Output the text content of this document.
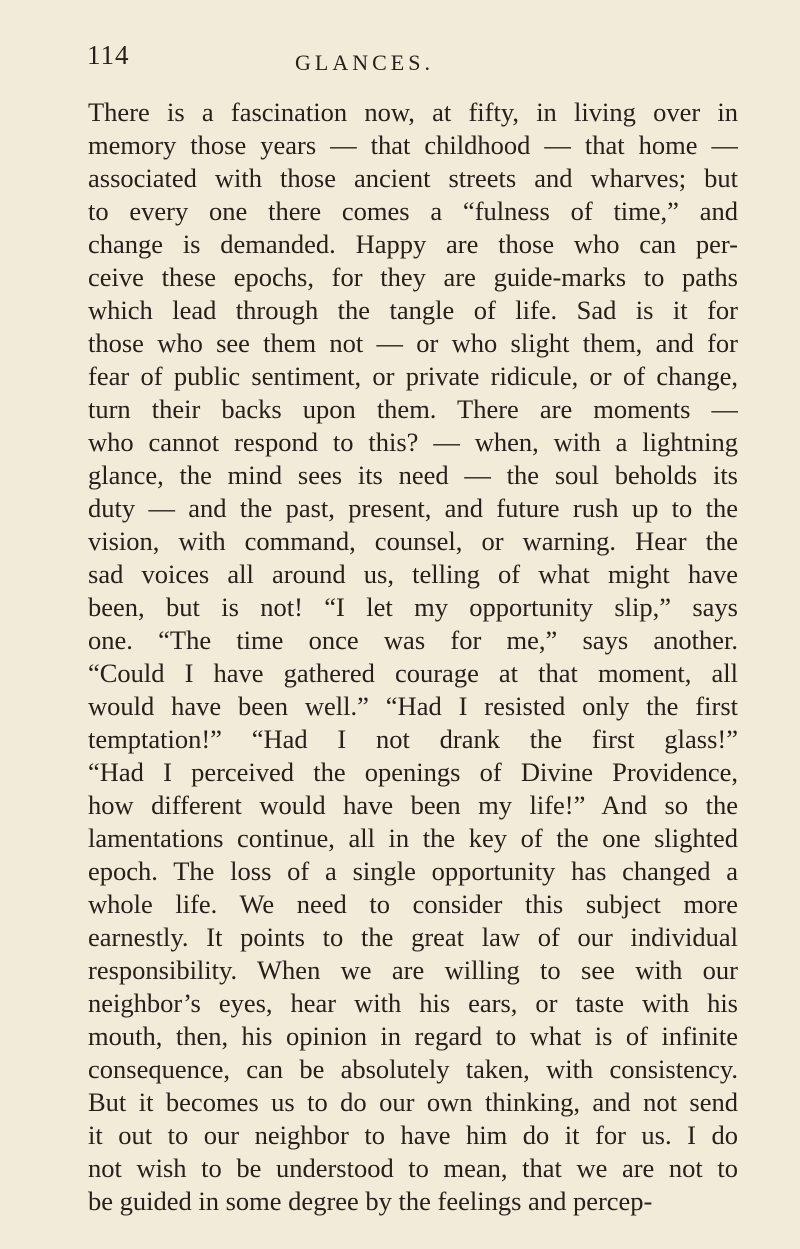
114	GLANCES.
There is a fascination now, at fifty, in living over in
memory those years — that childhood — that home —
associated with those ancient streets and wharves; but
to every one there comes a “fulness of time,” and
change is demanded. Happy are those who can per-
ceive these epochs, for they are guide-marks to paths
which lead through the tangle of life. Sad is it for
those who see them not — or who slight them, and for
fear of public sentiment, or private ridicule, or of change,
turn their backs upon them. There are moments —
who cannot respond to this? — when, with a lightning
glance, the mind sees its need — the soul beholds its
duty — and the past, present, and future rush up to the
vision, with command, counsel, or warning. Hear the
sad voices all around us, telling of what might have
been, but is not! “I let my opportunity slip,” says
one. “The time once was for me,” says another.
“Could I have gathered courage at that moment, all
would have been well.” “Had I resisted only the first
temptation!” “Had I not drank the first glass!”
“Had I perceived the openings of Divine Providence,
how different would have been my life!” And so the
lamentations continue, all in the key of the one slighted
epoch. The loss of a single opportunity has changed a
whole life. We need to consider this subject more
earnestly. It points to the great law of our individual
responsibility. When we are willing to see with our
neighbor’s eyes, hear with his ears, or taste with his
mouth, then, his opinion in regard to what is of infinite
consequence, can be absolutely taken, with consistency.
But it becomes us to do our own thinking, and not send
it out to our neighbor to have him do it for us. I do
not wish to be understood to mean, that we are not to
be guided in some degree by the feelings and percep-
